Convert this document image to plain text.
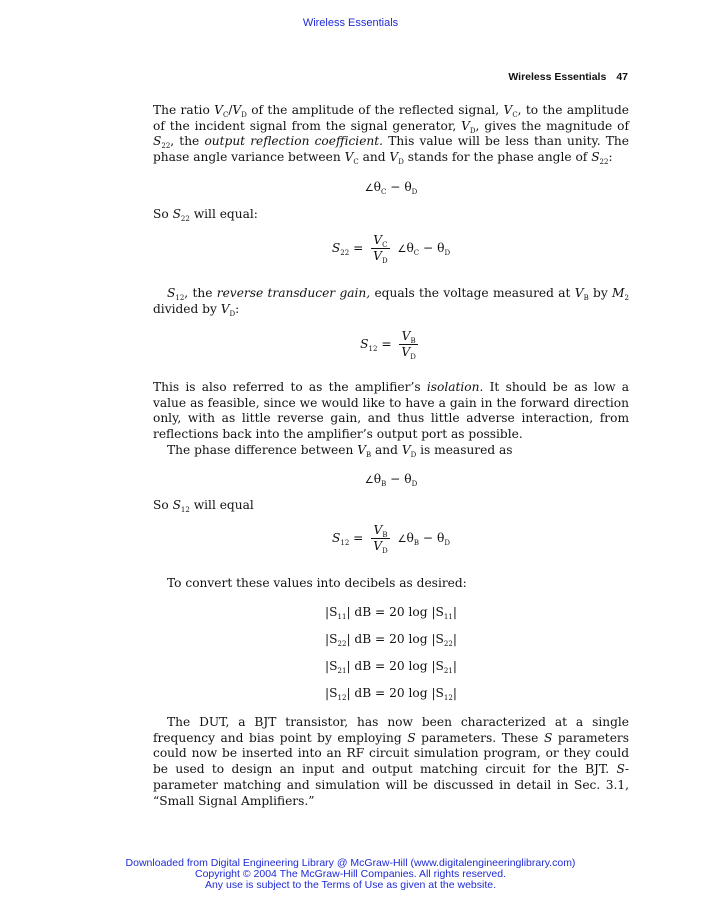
Wireless Essentials
Wireless Essentials 47

The ratio $V_C/V_D$ of the amplitude of the reflected signal, $V_C$, to the amplitude of the incident signal from the signal generator, $V_D$, gives the magnitude of $S_{22}$, the output reflection coefficient. This value will be less than unity. The phase angle variance between $V_C$ and $V_D$ stands for the phase angle of $S_{22}$:

$\angle\theta_C - \theta_D$

So $S_{22}$ will equal:

$S_{22} = \frac{V_C}{V_D}$ $\angle\theta_C - \theta_D$

$S_{12}$, the reverse transducer gain, equals the voltage measured at $V_B$ by $M_2$ divided by $V_D$:

$S_{12} = \frac{V_B}{V_D}$

This is also referred to as the amplifier’s isolation. It should be as low a value as feasible, since we would like to have a gain in the forward direction only, with as little reverse gain, and thus little adverse interaction, from reflections back into the amplifier’s output port as possible.

The phase difference between $V_B$ and $V_D$ is measured as

$\angle\theta_B - \theta_D$

So $S_{12}$ will equal

$S_{12} = \frac{V_B}{V_D}$ $\angle\theta_B - \theta_D$

To convert these values into decibels as desired:

$|S_{11}|$ dB = 20 $\log |S_{11}|$
$|S_{22}|$ dB = 20 $\log |S_{22}|$
$|S_{21}|$ dB = 20 $\log |S_{21}|$
$|S_{12}|$ dB = 20 $\log |S_{12}|$

The DUT, a BJT transistor, has now been characterized at a single frequency and bias point by employing S parameters. These S parameters could now be inserted into an RF circuit simulation program, or they could be used to design an input and output matching circuit for the BJT. S-parameter matching and simulation will be discussed in detail in Sec. 3.1, “Small Signal Amplifiers.”

Downloaded from Digital Engineering Library @ McGraw-Hill (www.digitalengineeringlibrary.com)
Copyright © 2004 The McGraw-Hill Companies. All rights reserved.
Any use is subject to the Terms of Use as given at the website.
